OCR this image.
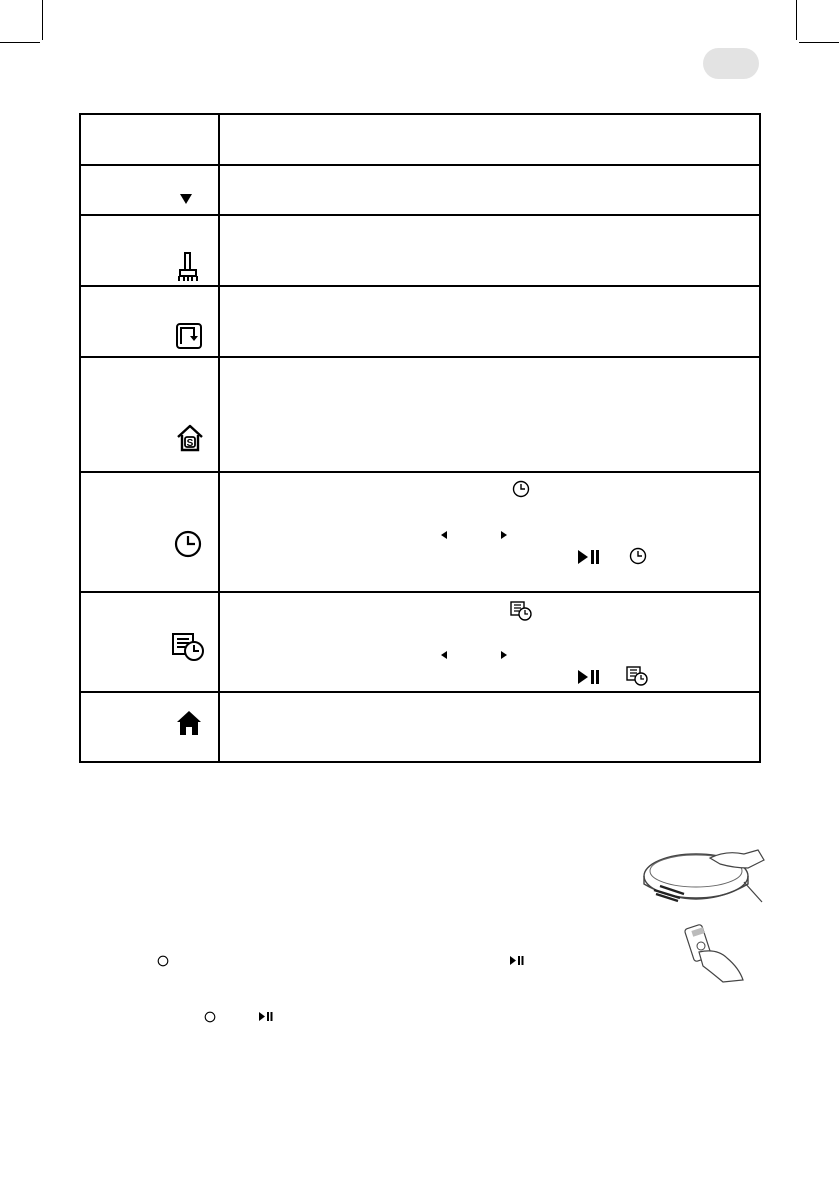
S
